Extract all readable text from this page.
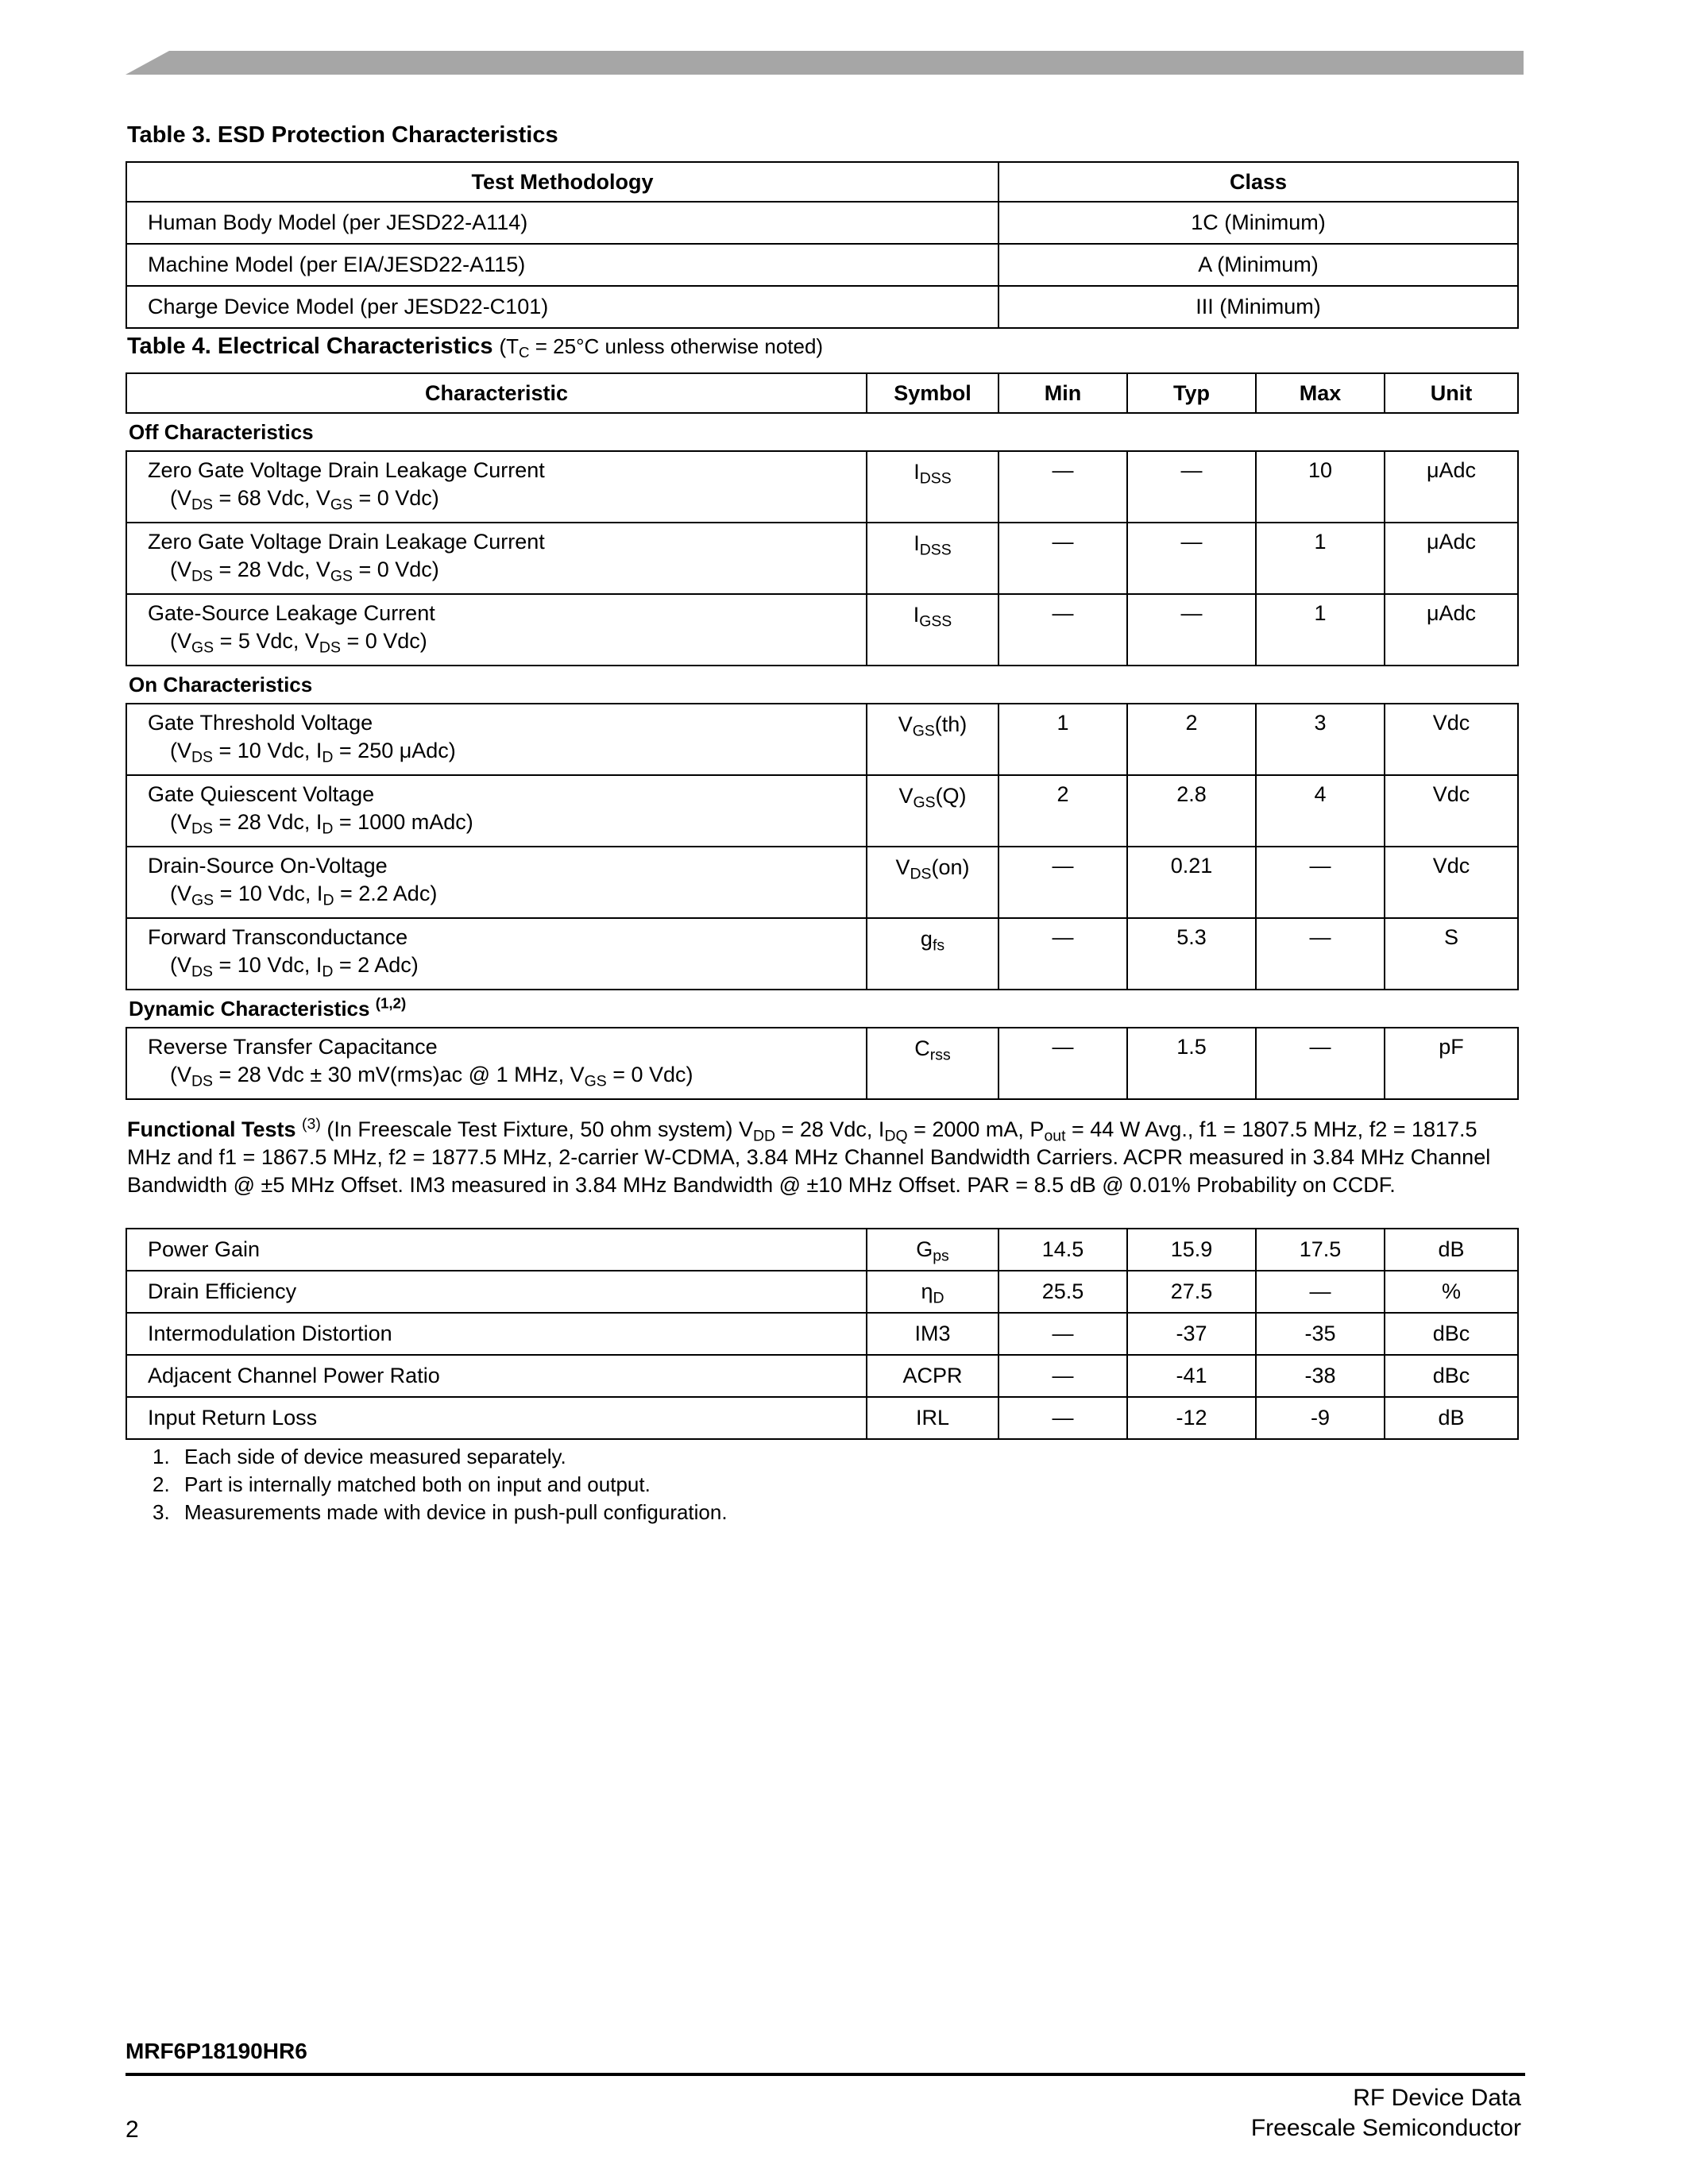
Table 3. ESD Protection Characteristics
Test Methodology	Class
Human Body Model (per JESD22-A114)	1C (Minimum)
Machine Model (per EIA/JESD22-A115)	A (Minimum)
Charge Device Model (per JESD22-C101)	III (Minimum)
Table 4. Electrical Characteristics ($T_C = 25^\circ C$ unless otherwise noted)
Characteristic	Symbol	Min	Typ	Max	Unit
Off Characteristics					

Zero Gate Voltage Drain Leakage Current
($V_{DS} = 68$ Vdc, $V_{GS} = 0$ Vdc)	$I_{DSS}$	—	—	10	μAdc

Zero Gate Voltage Drain Leakage Current
($V_{DS} = 28$ Vdc, $V_{GS} = 0$ Vdc)	$I_{DSS}$	—	—	1	μAdc

Gate-Source Leakage Current
($V_{GS} = 5$ Vdc, $V_{DS} = 0$ Vdc)	$I_{GSS}$	—	—	1	μAdc
On Characteristics					

Gate Threshold Voltage
($V_{DS} = 10$ Vdc, $I_D = 250$ μAdc)	$V_{GS}(th)$	1	2	3	Vdc

Gate Quiescent Voltage
($V_{DS} = 28$ Vdc, $I_D = 1000$ mAdc)	$V_{GS}(Q)$	2	2.8	4	Vdc

Drain-Source On-Voltage
($V_{GS} = 10$ Vdc, $I_D = 2.2$ Adc)	$V_{DS}(on)$	—	0.21	—	Vdc

Forward Transconductance
($V_{DS} = 10$ Vdc, $I_D = 2$ Adc)	$g_{fs}$	—	5.3	—	S
Dynamic Characteristics $^{(1,2)}$

Reverse Transfer Capacitance
($V_{DS} = 28$ Vdc ± 30 mV(rms)ac @ 1 MHz, $V_{GS} = 0$ Vdc)	$C_{rss}$	—	1.5	—	pF
Functional Tests $^{(3)}$ (In Freescale Test Fixture, 50 ohm system) $V_{DD} = 28$ Vdc, $I_{DQ} = 2000$ mA, $P_{out} = 44$ W Avg., f1 = 1807.5 MHz, f2 = 1817.5 MHz and f1 = 1867.5 MHz, f2 = 1877.5 MHz, 2-carrier W-CDMA, 3.84 MHz Channel Bandwidth Carriers. ACPR measured in 3.84 MHz Channel Bandwidth @ ±5 MHz Offset. IM3 measured in 3.84 MHz Bandwidth @ ±10 MHz Offset. PAR = 8.5 dB @ 0.01% Probability on CCDF.
Power Gain	$G_{ps}$	14.5	15.9	17.5	dB
Drain Efficiency	$\eta_D$	25.5	27.5	—	%
Intermodulation Distortion	IM3	—	-37	-35	dBc
Adjacent Channel Power Ratio	ACPR	—	-41	-38	dBc
Input Return Loss	IRL	—	-12	-9	dB
1. Each side of device measured separately.
2. Part is internally matched both on input and output.
3. Measurements made with device in push-pull configuration.
MRF6P18190HR6
RF Device Data
Freescale Semiconductor
2
